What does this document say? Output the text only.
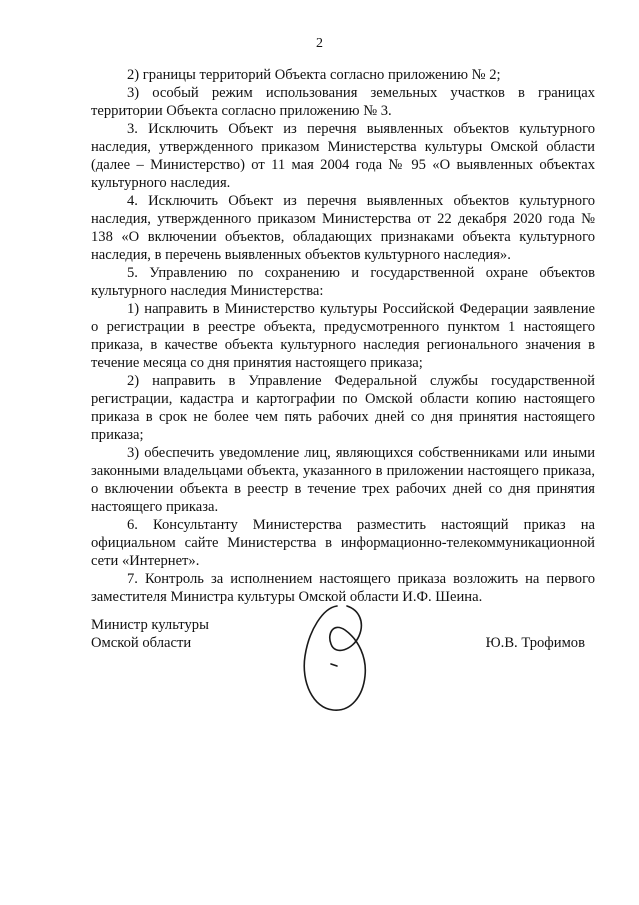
2

2) границы территорий Объекта согласно приложению № 2;

3) особый режим использования земельных участков в границах территории Объекта согласно приложению № 3.

3. Исключить Объект из перечня выявленных объектов культурного наследия, утвержденного приказом Министерства культуры Омской области (далее – Министерство) от 11 мая 2004 года № 95 «О выявленных объектах культурного наследия.

4. Исключить Объект из перечня выявленных объектов культурного наследия, утвержденного приказом Министерства от 22 декабря 2020 года № 138 «О включении объектов, обладающих признаками объекта культурного наследия, в перечень выявленных объектов культурного наследия».

5. Управлению по сохранению и государственной охране объектов культурного наследия Министерства:

1) направить в Министерство культуры Российской Федерации заявление о регистрации в реестре объекта, предусмотренного пунктом 1 настоящего приказа, в качестве объекта культурного наследия регионального значения в течение месяца со дня принятия настоящего приказа;

2) направить в Управление Федеральной службы государственной регистрации, кадастра и картографии по Омской области копию настоящего приказа в срок не более чем пять рабочих дней со дня принятия настоящего приказа;

3) обеспечить уведомление лиц, являющихся собственниками или иными законными владельцами объекта, указанного в приложении настоящего приказа, о включении объекта в реестр в течение трех рабочих дней со дня принятия настоящего приказа.

6. Консультанту Министерства разместить настоящий приказ на официальном сайте Министерства в информационно-телекоммуникационной сети «Интернет».

7. Контроль за исполнением настоящего приказа возложить на первого заместителя Министра культуры Омской области И.Ф. Шеина.

Министр культуры
Омской области	Ю.В. Трофимов
